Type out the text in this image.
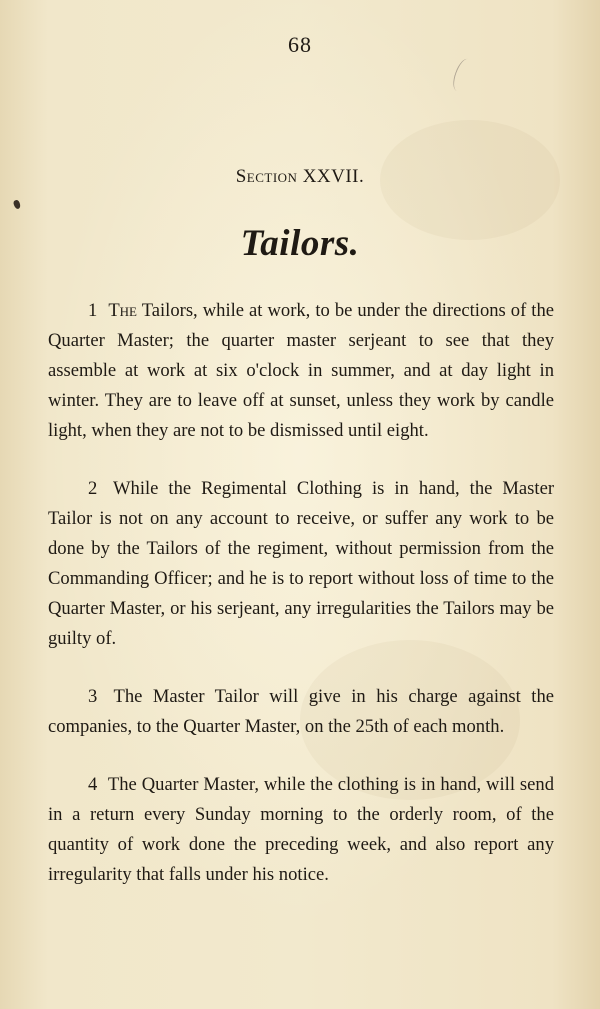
68
Section XXVII.
Tailors.

1 The Tailors, while at work, to be under the directions of the Quarter Master; the quarter master serjeant to see that they assemble at work at six o'clock in summer, and at day light in winter. They are to leave off at sunset, unless they work by candle light, when they are not to be dismissed until eight.

2 While the Regimental Clothing is in hand, the Master Tailor is not on any account to receive, or suffer any work to be done by the Tailors of the regiment, without permission from the Commanding Officer; and he is to report without loss of time to the Quarter Master, or his serjeant, any irregularities the Tailors may be guilty of.

3 The Master Tailor will give in his charge against the companies, to the Quarter Master, on the 25th of each month.

4 The Quarter Master, while the clothing is in hand, will send in a return every Sunday morning to the orderly room, of the quantity of work done the preceding week, and also report any irregularity that falls under his notice.
